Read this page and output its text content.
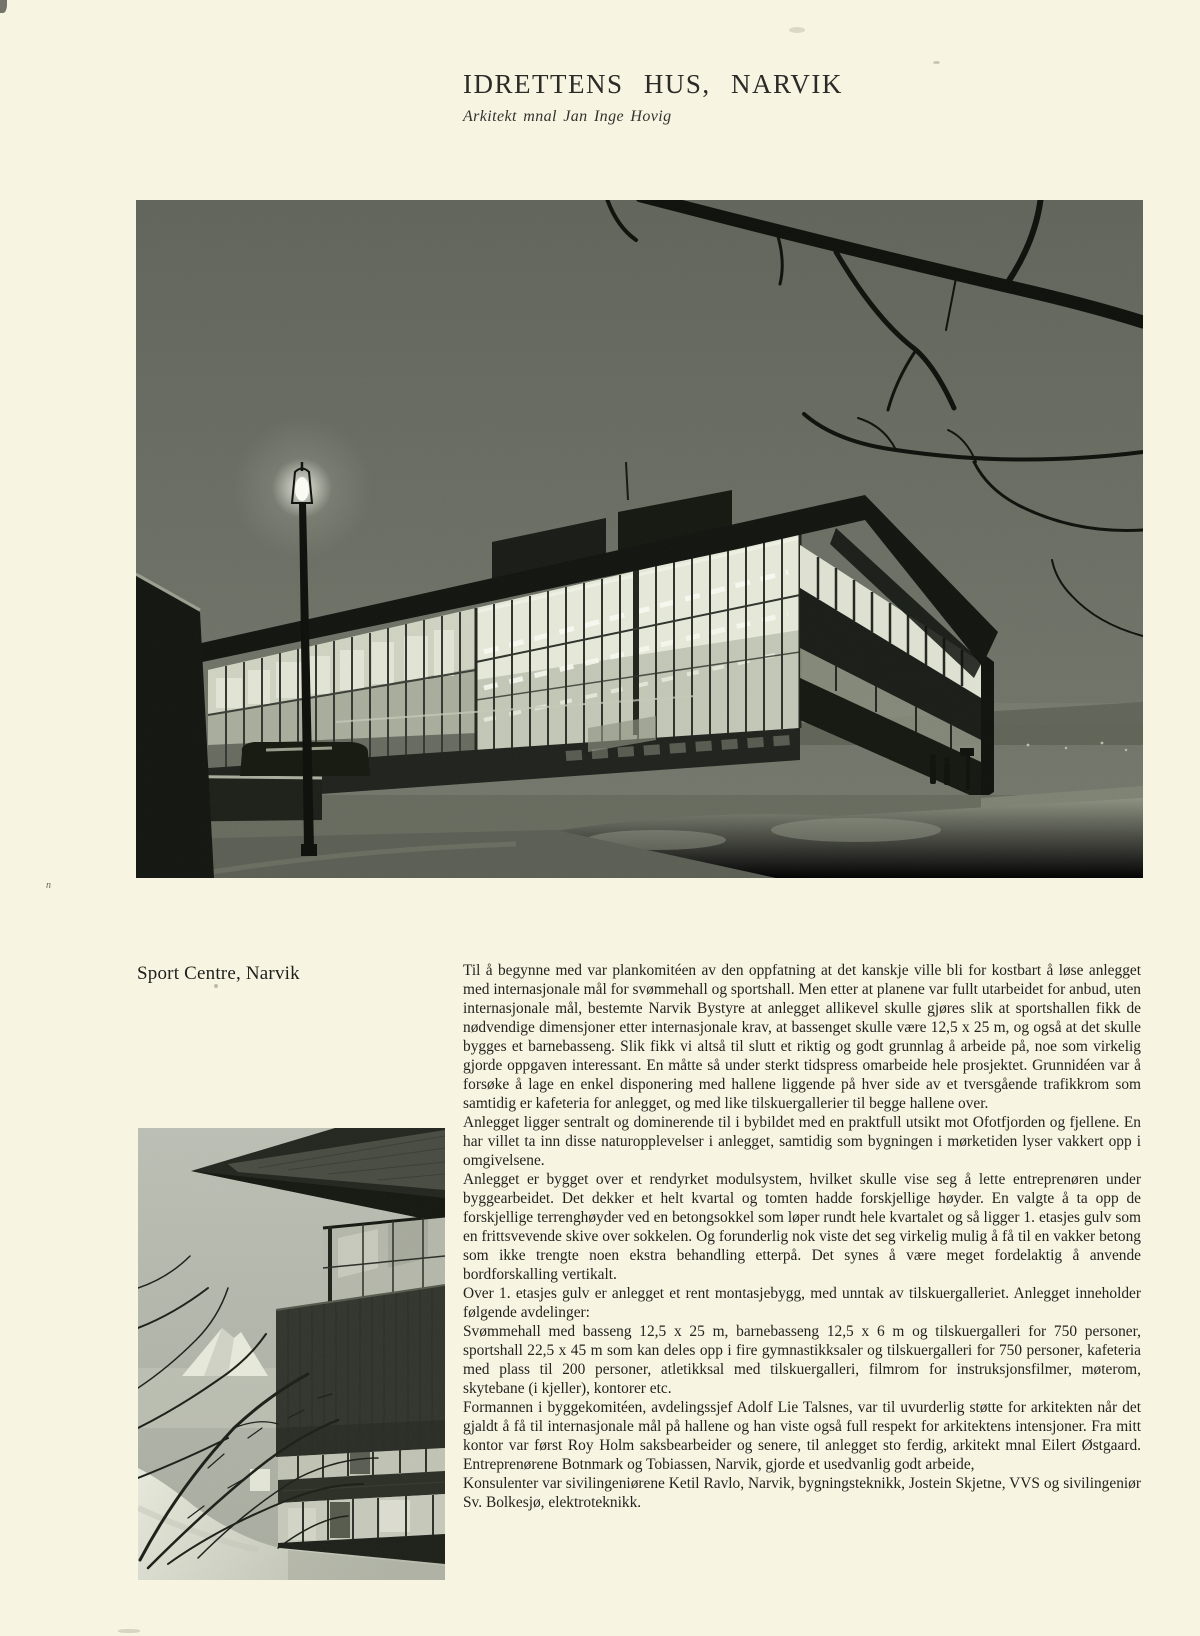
IDRETTENS HUS, NARVIK

Arkitekt mnal Jan Inge Hovig

Sport Centre, Narvik	Til å begynne med var plankomitéen av den oppfatning at det kanskje ville bli for kostbart å løse anlegget med internasjonale mål for svømmehall og sportshall. Men etter at planene var fullt utarbeidet for anbud, uten internasjonale mål, bestemte Narvik Bystyre at anlegget allikevel skulle gjøres slik at sportshallen fikk de nødvendige dimensjoner etter internasjonale krav, at bassenget skulle være 12,5 x 25 m, og også at det skulle bygges et barnebasseng. Slik fikk vi altså til slutt et riktig og godt grunnlag å arbeide på, noe som virkelig gjorde oppgaven interessant. En måtte så under sterkt tidspress omarbeide hele prosjektet. Grunnidéen var å forsøke å lage en enkel disponering med hallene liggende på hver side av et tversgående trafikkrom som samtidig er kafeteria for anlegget, og med like tilskuergallerier til begge hallene over.

Anlegget ligger sentralt og dominerende til i bybildet med en praktfull utsikt mot Ofotfjorden og fjellene. En har villet ta inn disse naturopplevelser i anlegget, samtidig som bygningen i mørketiden lyser vakkert opp i omgivelsene.

Anlegget er bygget over et rendyrket modulsystem, hvilket skulle vise seg å lette entreprenøren under byggearbeidet. Det dekker et helt kvartal og tomten hadde forskjellige høyder. En valgte å ta opp de forskjellige terrenghøyder ved en betongsokkel som løper rundt hele kvartalet og så ligger 1. etasjes gulv som en frittsvevende skive over sokkelen. Og forunderlig nok viste det seg virkelig mulig å få til en vakker betong som ikke trengte noen ekstra behandling etterpå. Det synes å være meget fordelaktig å anvende bordforskalling vertikalt.

Over 1. etasjes gulv er anlegget et rent montasjebygg, med unntak av tilskuergalleriet. Anlegget inneholder følgende avdelinger:

Svømmehall med basseng 12,5 x 25 m, barnebasseng 12,5 x 6 m og tilskuergalleri for 750 personer, sportshall 22,5 x 45 m som kan deles opp i fire gymnastikksaler og tilskuergalleri for 750 personer, kafeteria med plass til 200 personer, atletikksal med tilskuergalleri, filmrom for instruksjonsfilmer, møterom, skytebane (i kjeller), kontorer etc.

Formannen i byggekomitéen, avdelingssjef Adolf Lie Talsnes, var til uvurderlig støtte for arkitekten når det gjaldt å få til internasjonale mål på hallene og han viste også full respekt for arkitektens intensjoner. Fra mitt kontor var først Roy Holm saksbearbeider og senere, til anlegget sto ferdig, arkitekt mnal Eilert Østgaard. Entreprenørene Botnmark og Tobiassen, Narvik, gjorde et usedvanlig godt arbeide,

Konsulenter var sivilingeniørene Ketil Ravlo, Narvik, bygningsteknikk, Jostein Skjetne, VVS og sivilingeniør Sv. Bolkesjø, elektroteknikk.

n
